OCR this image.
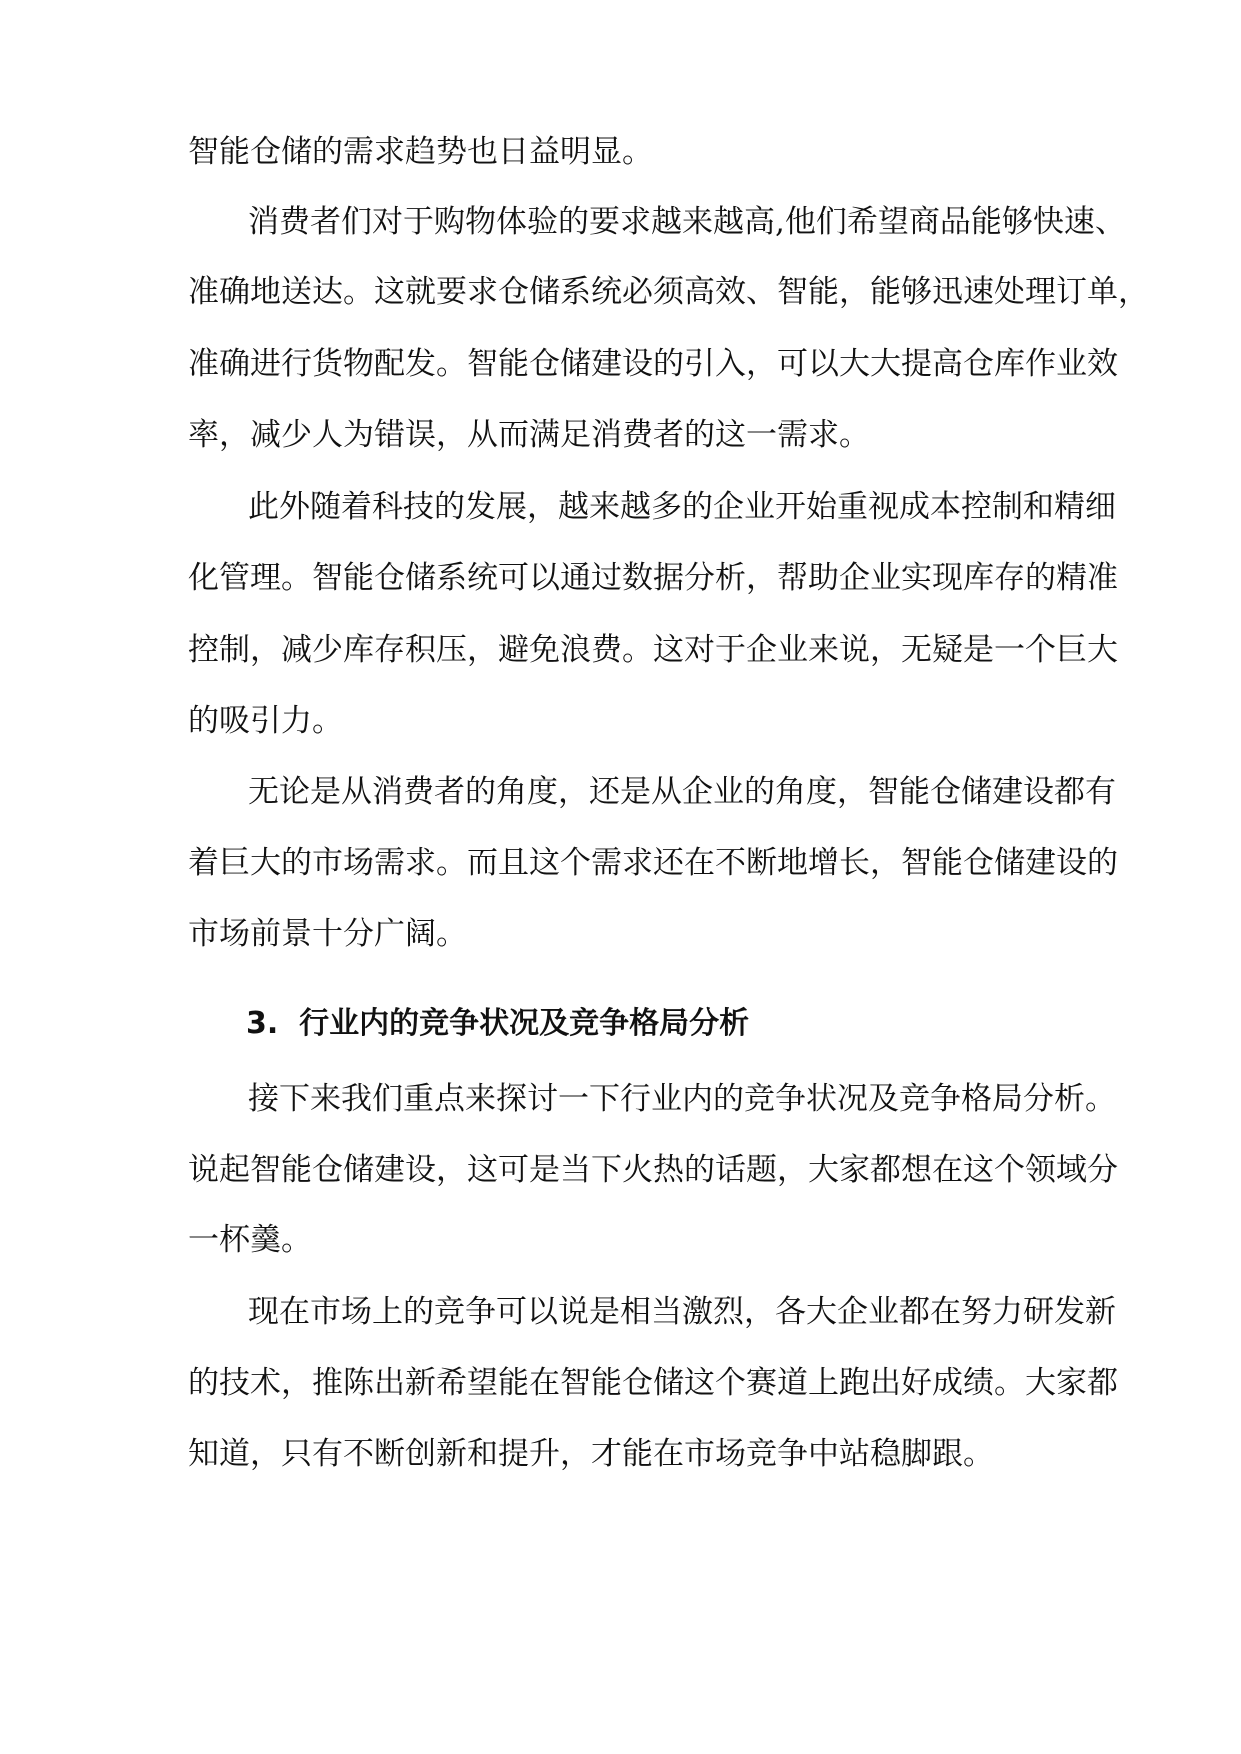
智能仓储的需求趋势也日益明显。
消费者们对于购物体验的要求越来越高,他们希望商品能够快速、
准确地送达。这就要求仓储系统必须高效、智能，能够迅速处理订单，
准确进行货物配发。智能仓储建设的引入，可以大大提高仓库作业效
率，减少人为错误，从而满足消费者的这一需求。
此外随着科技的发展，越来越多的企业开始重视成本控制和精细
化管理。智能仓储系统可以通过数据分析，帮助企业实现库存的精准
控制，减少库存积压，避免浪费。这对于企业来说，无疑是一个巨大
的吸引力。
无论是从消费者的角度，还是从企业的角度，智能仓储建设都有
着巨大的市场需求。而且这个需求还在不断地增长，智能仓储建设的
市场前景十分广阔。
3. 行业内的竞争状况及竞争格局分析
接下来我们重点来探讨一下行业内的竞争状况及竞争格局分析。
说起智能仓储建设，这可是当下火热的话题，大家都想在这个领域分
一杯羹。
现在市场上的竞争可以说是相当激烈，各大企业都在努力研发新
的技术，推陈出新希望能在智能仓储这个赛道上跑出好成绩。大家都
知道，只有不断创新和提升，才能在市场竞争中站稳脚跟。
